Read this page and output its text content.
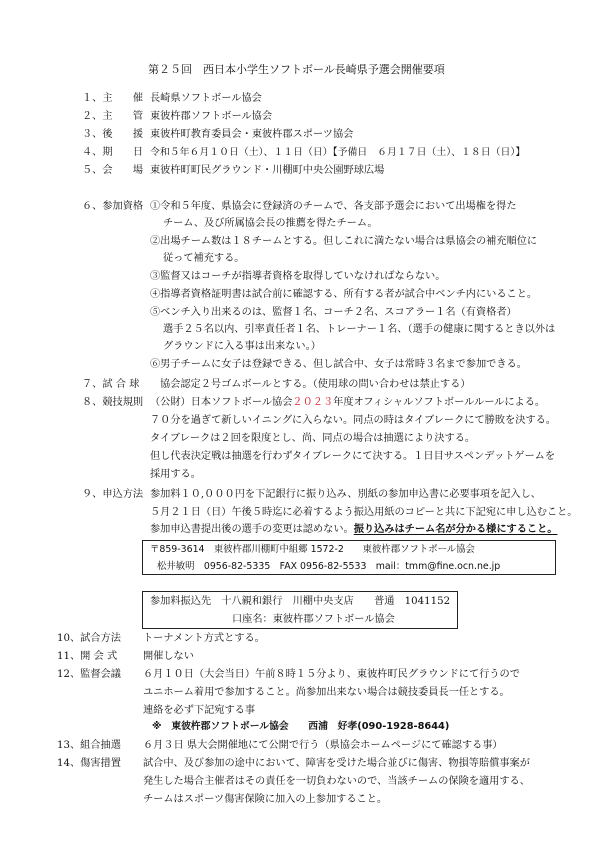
第２５回　西日本小学生ソフトボール長崎県予選会開催要項
１、主　　催 長崎県ソフトボール協会
２、主　　管 東彼杵郡ソフトボール協会
３、後　　援 東彼杵町教育委員会・東彼杵郡スポーツ協会
４、期　　日 令和５年６月１０日（土）、１１日（日）【予備日　６月１７日（土）、１８日（日）】
５、会　　場 東彼杵町町民グラウンド・川棚町中央公園野球広場
６、参加資格 ①令和５年度、県協会に登録済のチームで、各支部予選会において出場権を得た
チーム、及び所属協会長の推薦を得たチーム。
②出場チーム数は１８チームとする。但しこれに満たない場合は県協会の補充順位に
従って補充する。
③監督又はコーチが指導者資格を取得していなければならない。
④指導者資格証明書は試合前に確認する、所有する者が試合中ベンチ内にいること。
⑤ベンチ入り出来るのは、監督１名、コーチ２名、スコアラー１名（有資格者）
選手２５名以内、引率責任者１名、トレーナー１名、（選手の健康に関するとき以外は
グラウンドに入る事は出来ない。）
⑥男子チームに女子は登録できる、但し試合中、女子は常時３名まで参加できる。
７、試 合 球 協会認定２号ゴムボールとする。（使用球の問い合わせは禁止する）
８、競技規則 （公財）日本ソフトボール協会２０２３年度オフィシャルソフトボールルールによる。
７０分を過ぎて新しいイニングに入らない。同点の時はタイブレークにて勝敗を決する。
タイブレークは２回を限度とし、尚、同点の場合は抽選により決する。
但し代表決定戦は抽選を行わずタイブレークにて決する。１日目サスペンデットゲームを
採用する。
９、申込方法 参加料１０,０００円を下記銀行に振り込み、別紙の参加申込書に必要事項を記入し、
５月２１日（日）午後５時迄に必着するよう振込用紙のコピーと共に下記宛に申し込むこと。
参加申込書提出後の選手の変更は認めない。振り込みはチーム名が分かる様にすること。
〒859-3614　東彼杵郡川棚町中組郷 1572-2　　東彼杵郡ソフトボール協会
松井敏明　0956-82-5335　FAX 0956-82-5533　mail：tmm@fine.ocn.ne.jp
参加料振込先　十八親和銀行　川棚中央支店　　普通　1041152
口座名：東彼杵郡ソフトボール協会
10、試合方法 トーナメント方式とする。
11、開 会 式	開催しない
12、監督会議 ６月１０日（大会当日）午前８時１５分より、東彼杵町民グラウンドにて行うので
ユニホーム着用で参加すること。尚参加出来ない場合は競技委員長一任とする。
連絡を必ず下記宛する事
※　東彼杵郡ソフトボール協会　　西浦　好孝(090-1928-8644)
13、組合抽選 ６月３日 県大会開催地にて公開で行う（県協会ホームページにて確認する事）
14、傷害措置 試合中、及び参加の途中において、障害を受けた場合並びに傷害、物損等賠償事案が
発生した場合主催者はその責任を一切負わないので、当該チームの保険を適用する、
チームはスポーツ傷害保険に加入の上参加すること。
